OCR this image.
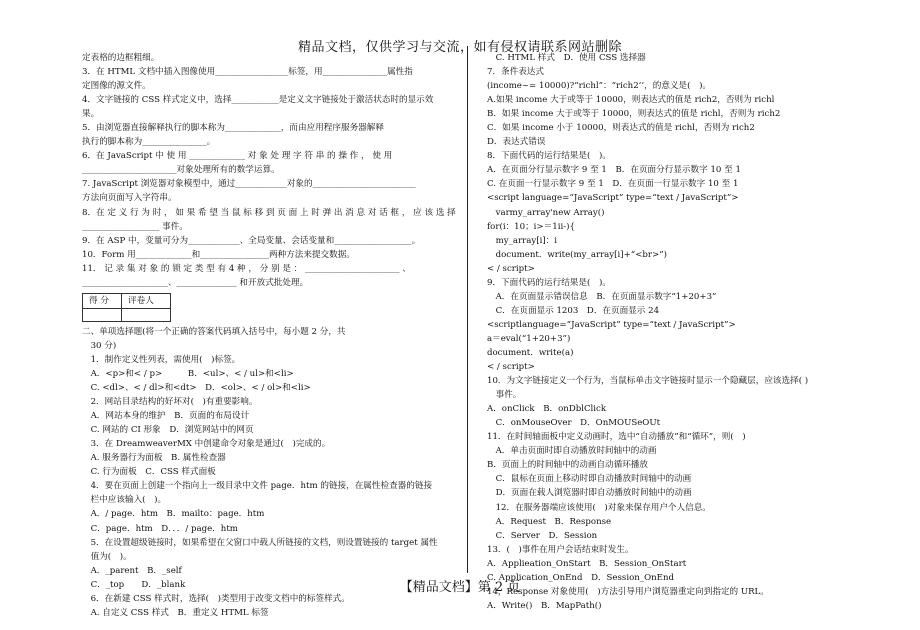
精品文档，仅供学习与交流，如有侵权请联系网站删除
定表格的边框粗细。
3．在 HTML 文档中插入图像使用_________________标签，用_______________属性指
定图像的源文件。
4．文字链接的 CSS 样式定义中，选择___________是定义文字链接处于激活状态时的显示效
果。
5．由浏览器直接解释执行的脚本称为_____________，而由应用程序服务器解释
执行的脚本称为_______________。
6．在 JavaScript 中 使 用 _____________ 对 象 处 理 字 符 串 的 操 作 ， 使 用
______________________对象处理所有的数学运算。
7. JavaScript 浏览器对象模型中，通过____________对象的________________________
方法向页面写入字符串。
8．在 定 义 行 为 时 ， 如 果 希 望 当 鼠 标 移 到 页 面 上 时 弹 出 消 息 对 话 框 ， 应 该 选 择
__________________ 事件。
9．在 ASP 中，变量可分为____________、全局变量、会话变量和__________________。
10．Form 用_____________和________________两种方法来提交数据。
11． 记 录 集 对 象 的 锁 定 类 型 有 4 种 ， 分 别 是 ： ______________________ 、
____________________、______________ 和开放式批处理。
得 分	评卷人

二、单项选择题(将一个正确的答案代码填入括号中，每小题 2 分，共
　30 分)
　1．制作定义性列表，需使用(　)标签。
　A．<p>和< / p>　　　B．<ul>、< / ul>和<li>
　C. <dl>、< / dl>和<dt>　D．<ol>、< / ol>和<li>
　2．网站目录结构的好坏对(　)有重要影响。
　A．网站本身的维护　B．页面的布局设计
　C. 网站的 CI 形象　D．浏览网站中的网页
　3．在 DreamweaverMX 中创建命令对象是通过(　)完成的。
　A. 服务器行为面板　B. 属性检查器
　C. 行为面板　C．CSS 样式面板
　4．要在页面上创建一个指向上一级目录中文件 page．htm 的链接，在属性检查器的链接
　栏中应该输入(　)。
　A．/ page．htm　B．mailto：page．htm
　C．page．htm　D．．．/ page．htm
　5．在设置超级链接时，如果希望在父窗口中载人所链接的文档，则设置链接的 target 属性
　值为(　)。
　A．_parent　B．_self
　C．_top　　D．_blank
　6．在新建 CSS 样式时，选择(　)类型用于改变文档中的标签样式。
　A. 自定义 CSS 样式　B．重定义 HTML 标签
　C. HTML 样式　D．使用 CSS 选择器
7．条件表达式
(income~= 10000)?“richl”：“rich2’’，的意义是(　)。
A.如果 income 大于或等于 10000，则表达式的值是 rich2，否则为 richl
B．如果 income 大于或等于 10000，则表达式的值是 richl，否则为 rich2
C．如果 income 小于 10000，则表达式的值是 richl，否则为 rich2
D．表达式错误
8．下面代码的运行结果是(　)。
A．在页面分行显示数字 9 至 1　B．在页面分行显示数字 10 至 1
C. 在页面一行显示数字 9 至 1　D．在页面一行显示数字 10 至 1
<script language=“JavaScript” type=“text / JavaScript”>
　varmy_array'new Array()
for(i：10；i>＝1ii-){
　my_array[i]：i
　document．write(my_array[i]+“<br>”)
< / script>
9．下面代码的运行结果是(　)。
　A．在页面显示错误信息　B．在页面显示数字“1+20+3”
　C．在页面显示 1203　D．在页面显示 24
<scriptlanguage=“JavaScript” type=“text / JavaScript”>
a＝eval(“1+20+3”)
document．write(a)
< / script>
10．为文字链接定义一个行为，当鼠标单击文字链接时显示一个隐藏层，应该选择( )
　事件。
A．onClick　B．onDblClick
　C．onMouseOver　D．OnMOUSeOUt
11．在时间轴面板中定义动画时，选中“自动播放”和“循环”，则(　)
　A．单击页面时即自动播放时间轴中的动画
B．页面上的时间轴中的动画自动循环播放
　C．鼠标在页面上移动时即自动播放时间轴中的动画
　D．页面在载人浏览器时即自动播放时间轴中的动画
　12．在服务器端应该使用(　)对象来保存用户个人信息。
　A．Request　B．Response
　C．Server　D．Session
13．(　)事件在用户会话结束时发生。
A．Applieation_OnStart　B．Session_OnStart
C. Application_OnEnd　D．Session_OnEnd
14，Response 对象使用(　)方法引导用户浏览器重定向到指定的 URL。
A．Write()　B．MapPath()
【精品文档】第 2 页
